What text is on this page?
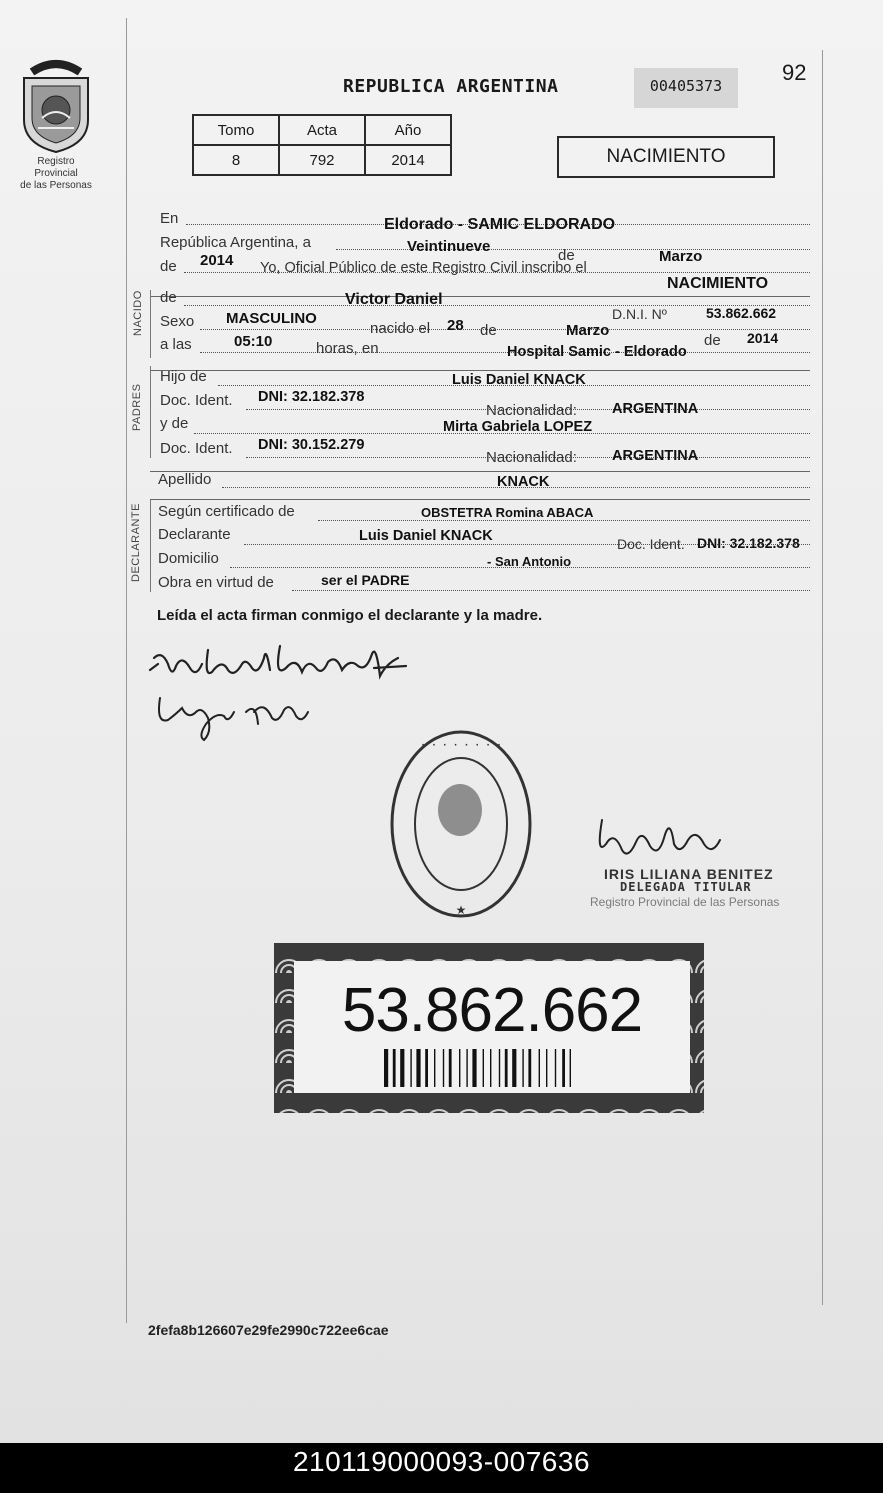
Registro Provincial
de las Personas
REPUBLICA ARGENTINA	00405373
92
Tomo	Acta	Año
8	792	2014	NACIMIENTO
En	Eldorado - SAMIC ELDORADO
República Argentina, a	Veintinueve
de	Marzo
de 2014 Yo, Oficial Público de este Registro Civil inscribo el
NACIMIENTO
NACIDO de	Victor Daniel
D.N.I. Nº	53.862.662
Sexo MASCULINO
nacido el 28 de	Marzo
de 2014
a las	05:10	horas, en	Hospital Samic - Eldorado
PADRES
Hijo de	Luis Daniel KNACK
Doc. Ident. DNI: 32.182.378
Nacionalidad: ARGENTINA
y de	Mirta Gabriela LOPEZ
Doc. Ident. DNI: 30.152.279
Nacionalidad: ARGENTINA
Apellido	KNACK
DECLARANTE Según certificado de	OBSTETRA Romina ABACA
Declarante	Luis Daniel KNACK	Doc. Ident. DNI: 32.182.378
Domicilio	- San Antonio
Obra en virtud de	ser el PADRE
Leída el acta firman conmigo el declarante y la madre.
· · · · · · · ·
★
IRIS LILIANA BENITEZ
DELEGADA TITULAR
Registro Provincial de las Personas
53.862.662
2fefa8b126607e29fe2990c722ee6cae
210119000093-007636
